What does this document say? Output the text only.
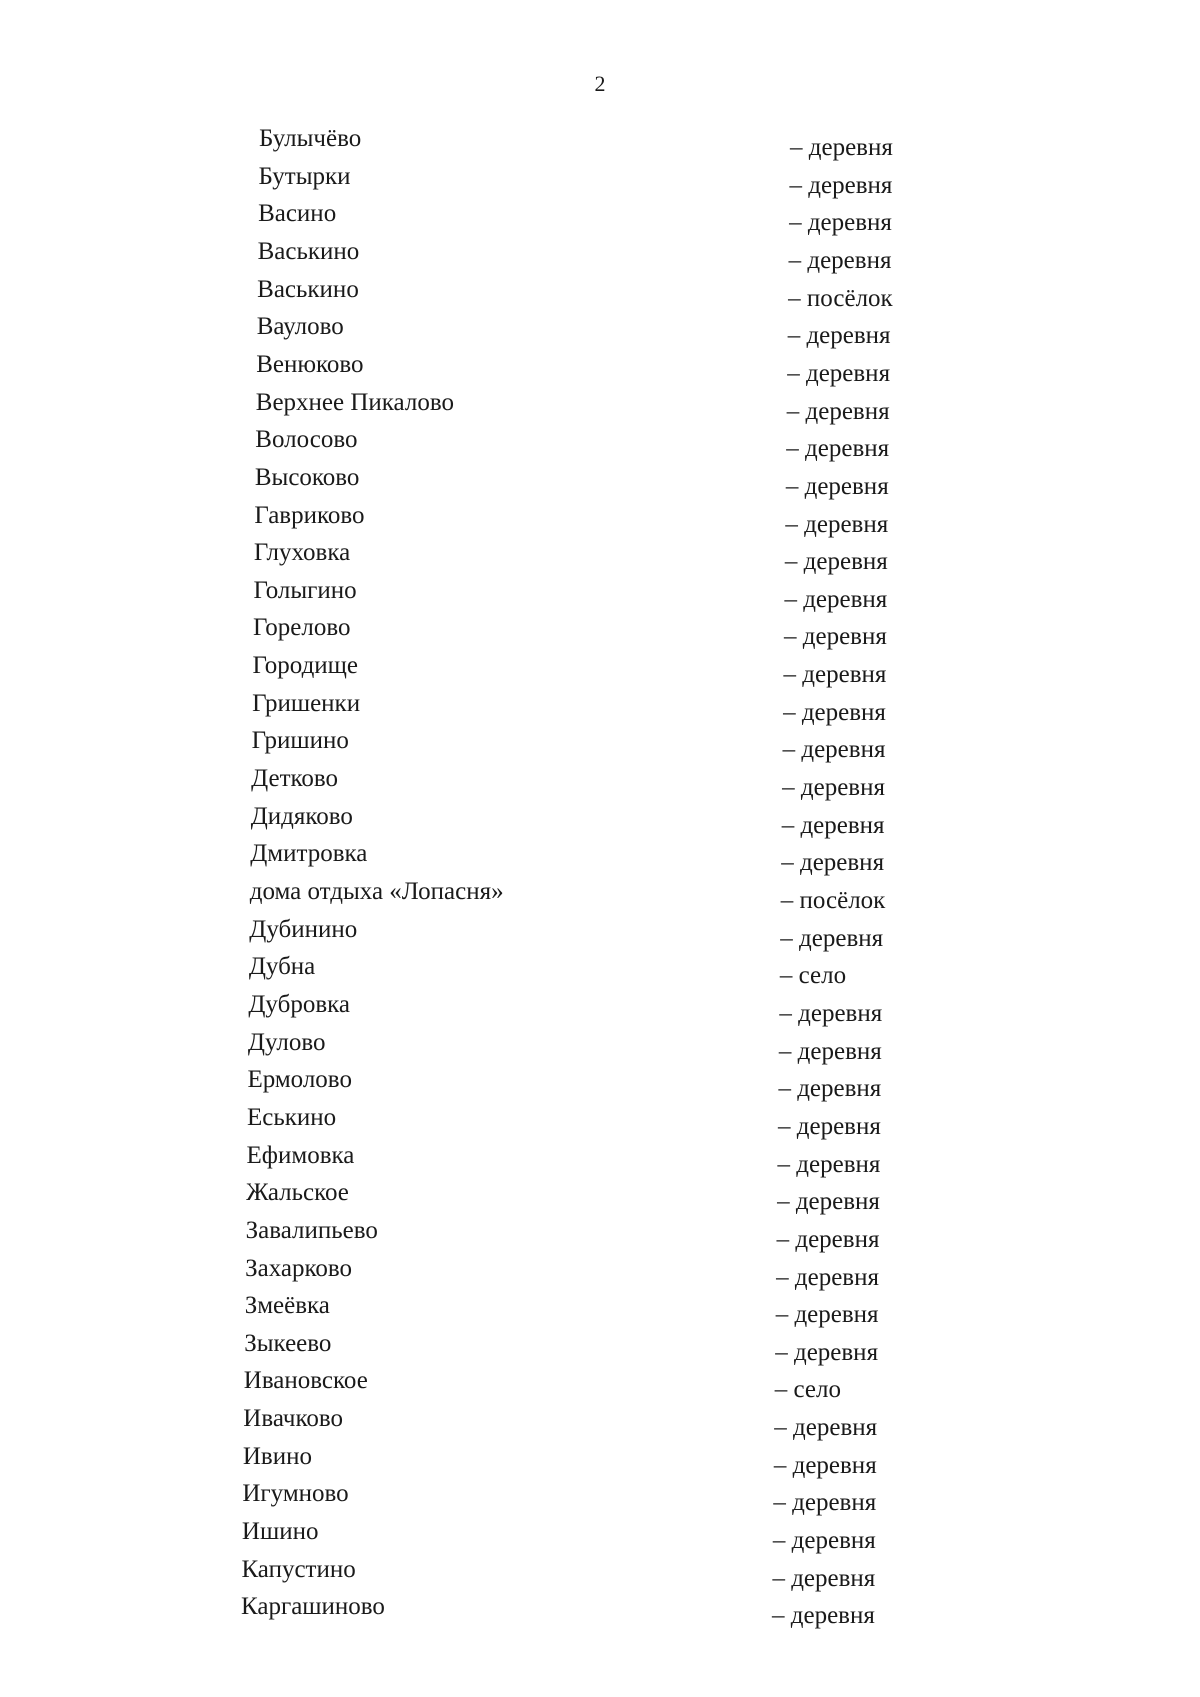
2
Булычёво	– деревня
Бутырки	– деревня
Васино	– деревня
Васькино	– деревня
Васькино	– посёлок
Ваулово	– деревня
Венюково	– деревня
Верхнее Пикалово	– деревня
Волосово	– деревня
Высоково	– деревня
Гавриково	– деревня
Глуховка	– деревня
Голыгино	– деревня
Горелово	– деревня
Городище	– деревня
Гришенки	– деревня
Гришино	– деревня
Детково	– деревня
Дидяково	– деревня
Дмитровка	– деревня
дома отдыха «Лопасня»	– посёлок
Дубинино	– деревня
Дубна	– село
Дубровка	– деревня
Дулово	– деревня
Ермолово	– деревня
Еськино	– деревня
Ефимовка	– деревня
Жальское	– деревня
Завалипьево	– деревня
Захарково	– деревня
Змеёвка	– деревня
Зыкеево	– деревня
Ивановское	– село
Ивачково	– деревня
Ивино	– деревня
Игумново	– деревня
Ишино	– деревня
Капустино	– деревня
Каргашиново	– деревня
